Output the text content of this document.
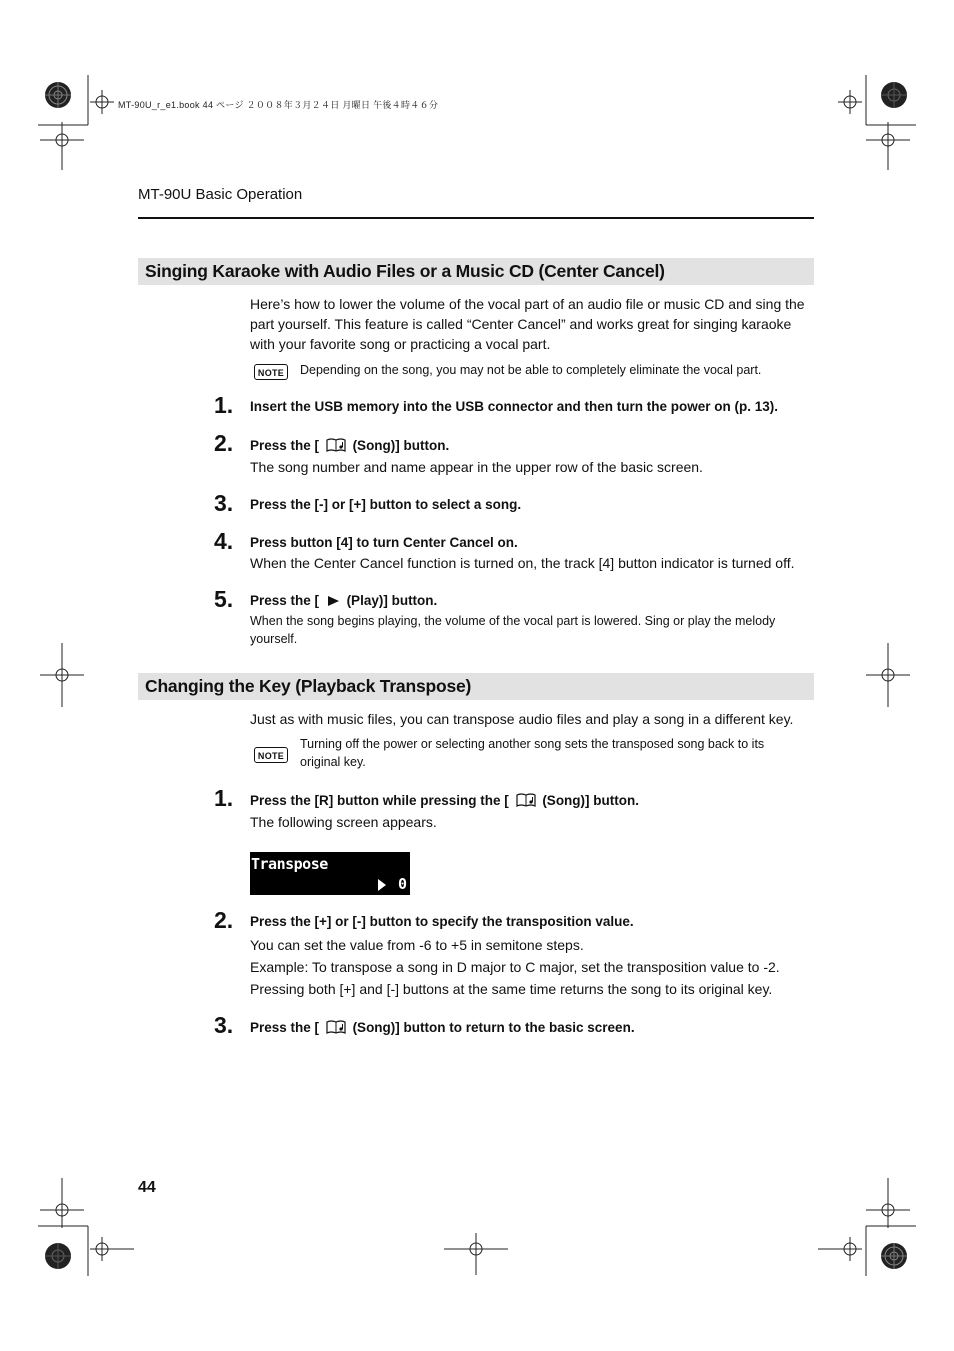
MT-90U_r_e1.book 44 ページ ２００８年３月２４日 月曜日 午後４時４６分
MT-90U Basic Operation
Singing Karaoke with Audio Files or a Music CD (Center Cancel)
Here’s how to lower the volume of the vocal part of an audio file or music CD and sing the part yourself. This feature is called “Center Cancel” and works great for singing karaoke with your favorite song or practicing a vocal part.
NOTE	Depending on the song, you may not be able to completely eliminate the vocal part.
1. Insert the USB memory into the USB connector and then turn the power on (p. 13).
2. Press the [ (Song)] button.
The song number and name appear in the upper row of the basic screen.
3. Press the [-] or [+] button to select a song.
4. Press button [4] to turn Center Cancel on.
When the Center Cancel function is turned on, the track [4] button indicator is turned off.
5. Press the [ (Play)] button.
When the song begins playing, the volume of the vocal part is lowered. Sing or play the melody yourself.
Changing the Key (Playback Transpose)
Just as with music files, you can transpose audio files and play a song in a different key.
NOTE
Turning off the power or selecting another song sets the transposed song back to its original key.
1. Press the [R] button while pressing the [ (Song)] button.
The following screen appears.
Transpose
0
2. Press the [+] or [-] button to specify the transposition value.
You can set the value from -6 to +5 in semitone steps.
Example: To transpose a song in D major to C major, set the transposition value to -2.
Pressing both [+] and [-] buttons at the same time returns the song to its original key.
3. Press the [ (Song)] button to return to the basic screen.
44
